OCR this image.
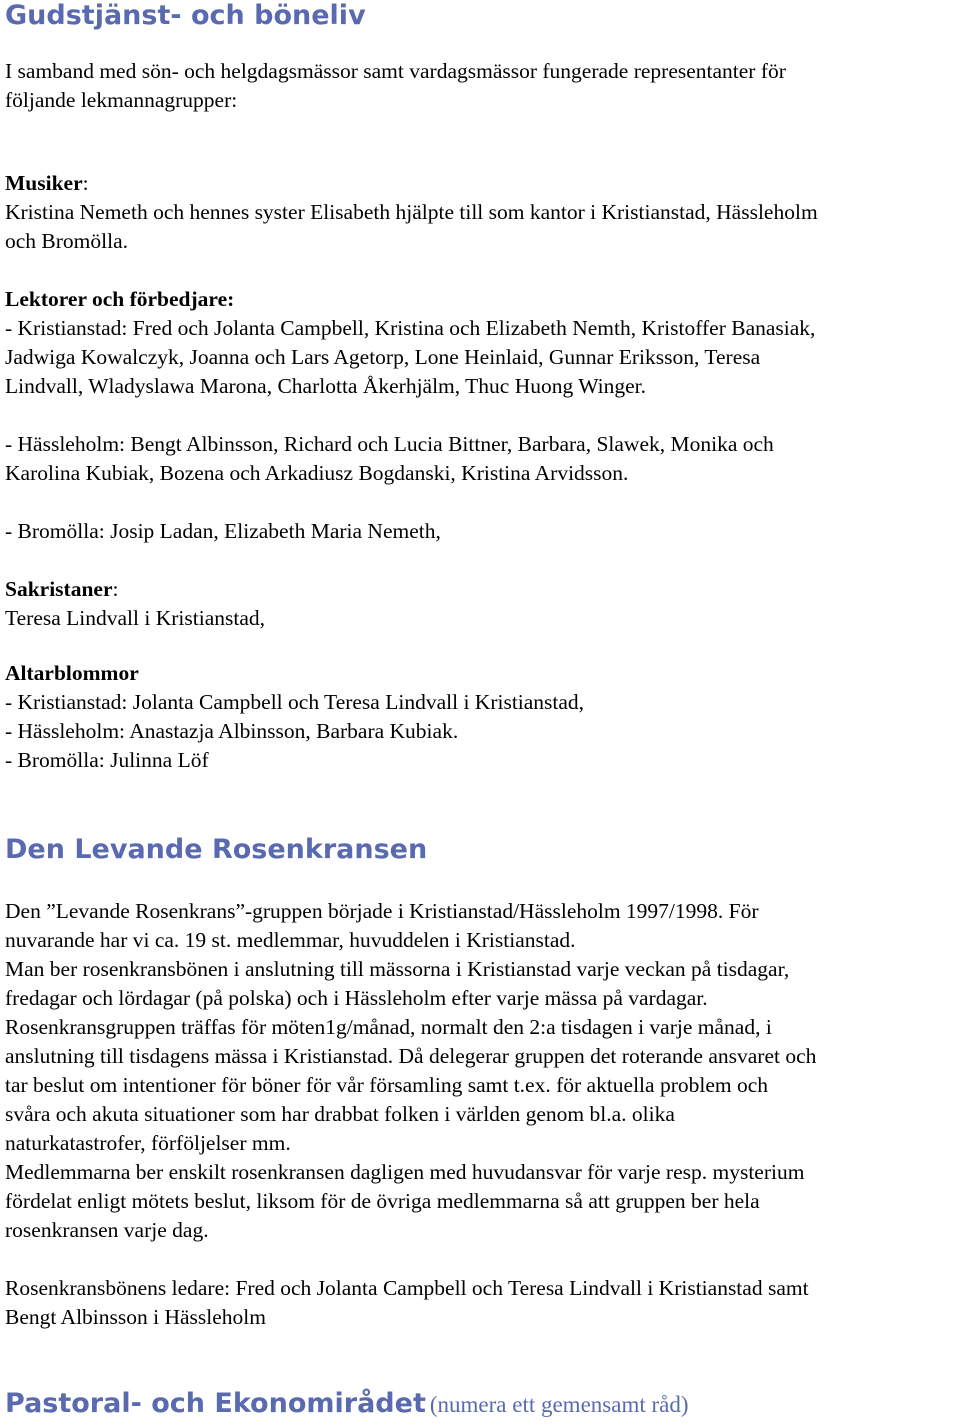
Gudstjänst- och böneliv
I samband med sön- och helgdagsmässor samt vardagsmässor fungerade representanter för
följande lekmannagrupper:
Musiker:
Kristina Nemeth och hennes syster Elisabeth hjälpte till som kantor i Kristianstad, Hässleholm
och Bromölla.
Lektorer och förbedjare:
- Kristianstad: Fred och Jolanta Campbell, Kristina och Elizabeth Nemth, Kristoffer Banasiak,
Jadwiga Kowalczyk, Joanna och Lars Agetorp, Lone Heinlaid, Gunnar Eriksson, Teresa
Lindvall, Wladyslawa Marona, Charlotta Åkerhjälm, Thuc Huong Winger.
- Hässleholm: Bengt Albinsson, Richard och Lucia Bittner, Barbara, Slawek, Monika och
Karolina Kubiak, Bozena och Arkadiusz Bogdanski, Kristina Arvidsson.
- Bromölla: Josip Ladan, Elizabeth Maria Nemeth,
Sakristaner:
Teresa Lindvall i Kristianstad,
Altarblommor
- Kristianstad: Jolanta Campbell och Teresa Lindvall i Kristianstad,
- Hässleholm: Anastazja Albinsson, Barbara Kubiak.
- Bromölla: Julinna Löf
Den Levande Rosenkransen
Den ”Levande Rosenkrans”-gruppen började i Kristianstad/Hässleholm 1997/1998. För
nuvarande har vi ca. 19 st. medlemmar, huvuddelen i Kristianstad.
Man ber rosenkransbönen i anslutning till mässorna i Kristianstad varje veckan på tisdagar,
fredagar och lördagar (på polska) och i Hässleholm efter varje mässa på vardagar.
Rosenkransgruppen träffas för möten1g/månad, normalt den 2:a tisdagen i varje månad, i
anslutning till tisdagens mässa i Kristianstad. Då delegerar gruppen det roterande ansvaret och
tar beslut om intentioner för böner för vår församling samt t.ex. för aktuella problem och
svåra och akuta situationer som har drabbat folken i världen genom bl.a. olika
naturkatastrofer, förföljelser mm.
Medlemmarna ber enskilt rosenkransen dagligen med huvudansvar för varje resp. mysterium
fördelat enligt mötets beslut, liksom för de övriga medlemmarna så att gruppen ber hela
rosenkransen varje dag.
Rosenkransbönens ledare: Fred och Jolanta Campbell och Teresa Lindvall i Kristianstad samt
Bengt Albinsson i Hässleholm
Pastoral- och Ekonomirådet (numera ett gemensamt råd)
